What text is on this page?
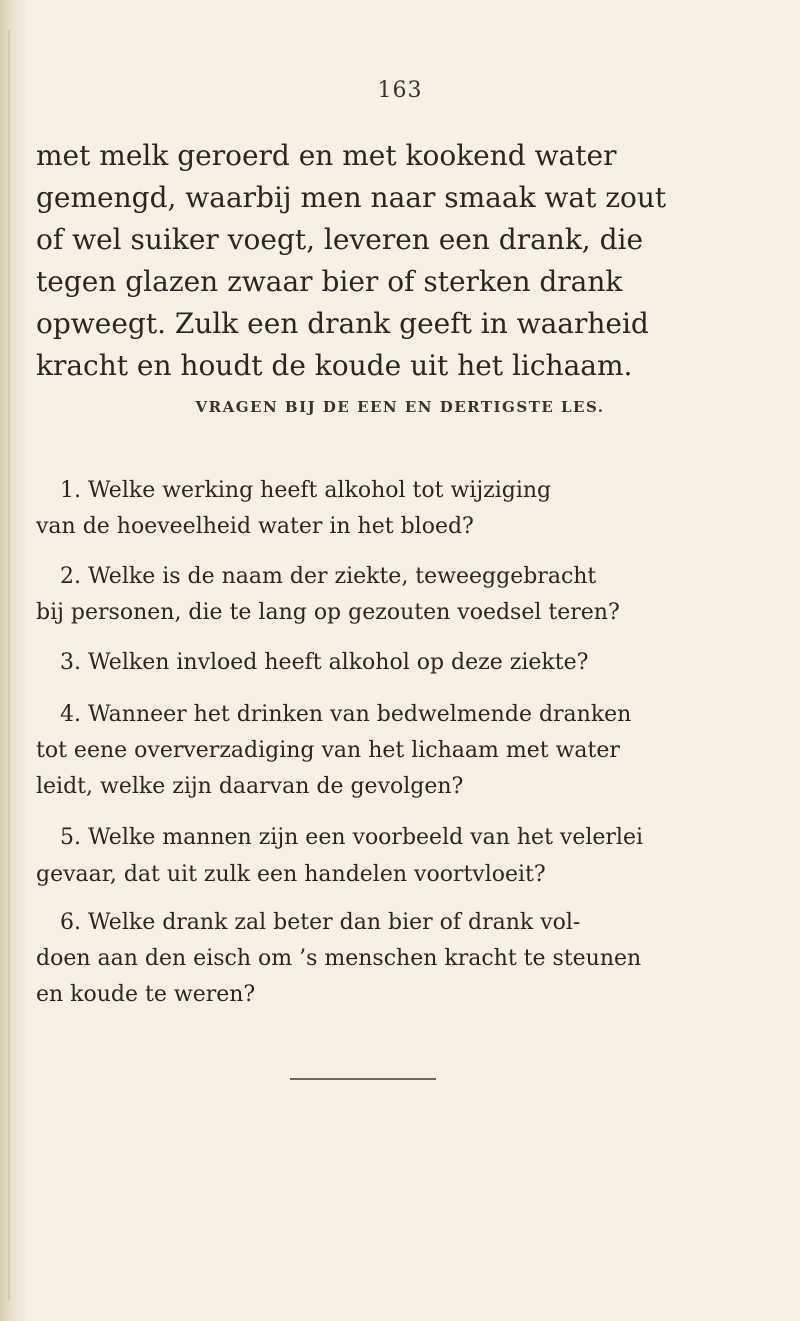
163
met melk geroerd en met kookend water
gemengd, waarbij men naar smaak wat zout
of wel suiker voegt, leveren een drank, die
tegen glazen zwaar bier of sterken drank
opweegt. Zulk een drank geeft in waarheid
kracht en houdt de koude uit het lichaam.
VRAGEN BIJ DE EEN EN DERTIGSTE LES.
1. Welke werking heeft alkohol tot wijziging
van de hoeveelheid water in het bloed?
2. Welke is de naam der ziekte, teweeggebracht
bij personen, die te lang op gezouten voedsel teren?
3. Welken invloed heeft alkohol op deze ziekte?
4. Wanneer het drinken van bedwelmende dranken
tot eene oververzadiging van het lichaam met water
leidt, welke zijn daarvan de gevolgen?
5. Welke mannen zijn een voorbeeld van het velerlei
gevaar, dat uit zulk een handelen voortvloeit?
6. Welke drank zal beter dan bier of drank vol-
doen aan den eisch om ’s menschen kracht te steunen
en koude te weren?
